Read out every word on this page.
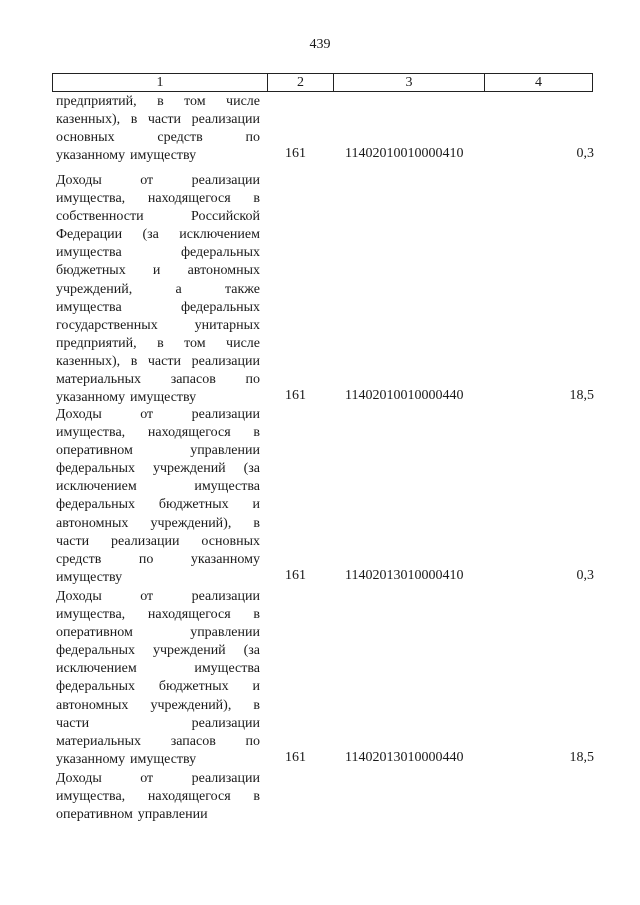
439
1	2	3	4
предприятий, в том числе
казенных), в части реализации
основных	средств	по
указанному имуществу	161	11402010010000410	0,3
Доходы	от	реализации
имущества, находящегося в
собственности	Российской
Федерации (за исключением
имущества	федеральных
бюджетных и автономных
учреждений,	а	также
имущества	федеральных
государственных	унитарных
предприятий, в том числе
казенных), в части реализации
материальных запасов по
указанному имуществу	161	11402010010000440	18,5
Доходы	от	реализации
имущества, находящегося в
оперативном	управлении
федеральных учреждений (за
исключением	имущества
федеральных бюджетных и
автономных учреждений), в
части реализации основных
средств	по	указанному
имуществу	161	11402013010000410	0,3
Доходы	от	реализации
имущества, находящегося в
оперативном	управлении
федеральных учреждений (за
исключением	имущества
федеральных бюджетных и
автономных учреждений), в
части	реализации
материальных запасов по
указанному имуществу	161	11402013010000440	18,5
Доходы	от	реализации
имущества, находящегося в
оперативном управлении
